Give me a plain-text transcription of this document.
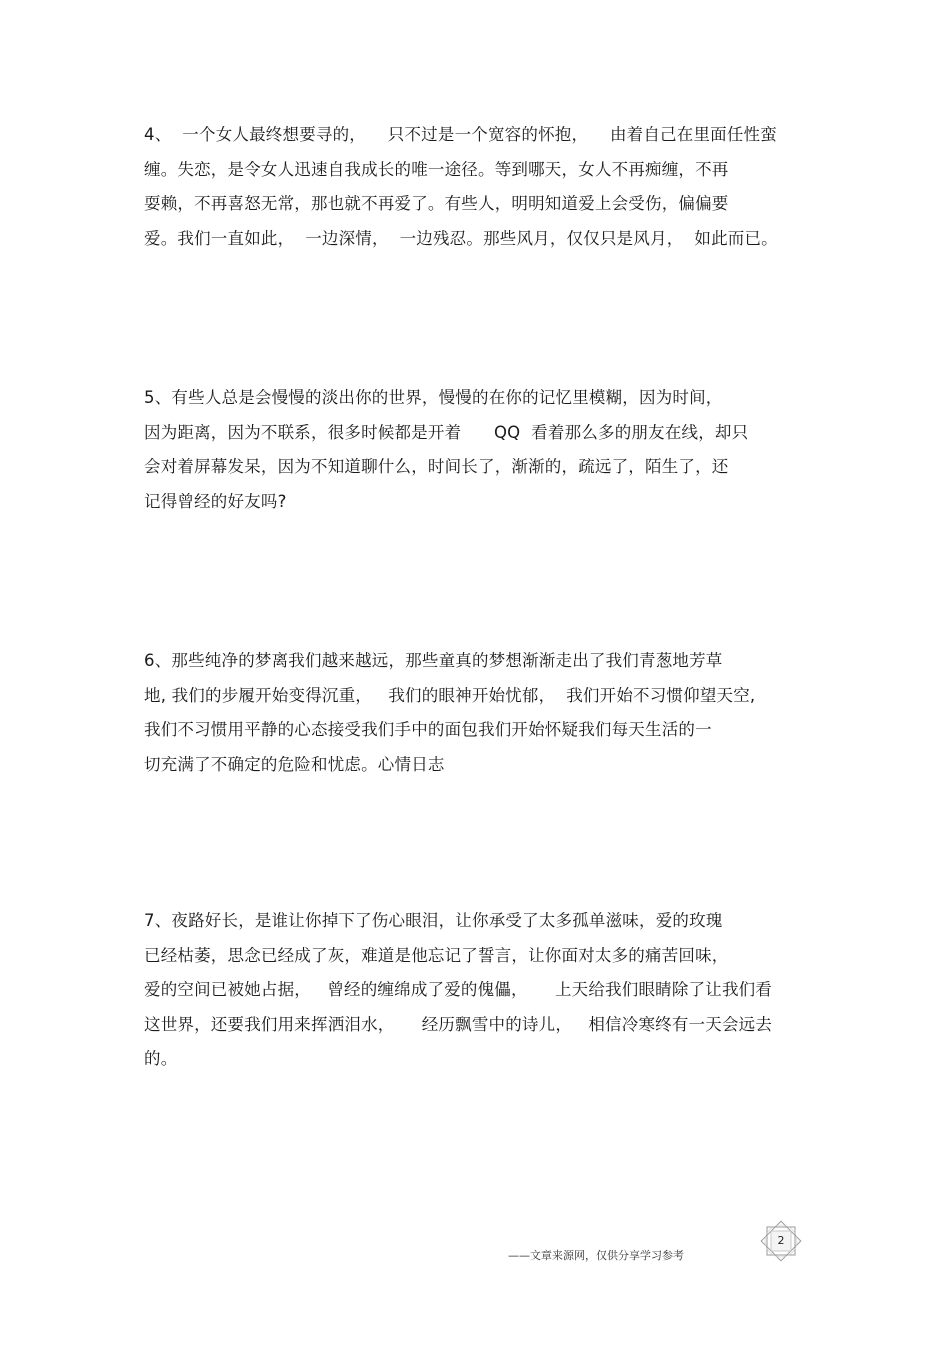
4、  一个女人最终想要寻的，    只不过是一个宽容的怀抱，    由着自己在里面任性蛮
缠。失恋，是令女人迅速自我成长的唯一途径。等到哪天，女人不再痴缠，不再
耍赖，不再喜怒无常，那也就不再爱了。有些人，明明知道爱上会受伤，偏偏要
爱。我们一直如此，  一边深情，  一边残忍。那些风月，仅仅只是风月，  如此而已。
5、有些人总是会慢慢的淡出你的世界，慢慢的在你的记忆里模糊，因为时间，
因为距离，因为不联系，很多时候都是开着      QQ  看着那么多的朋友在线，却只
会对着屏幕发呆，因为不知道聊什么，时间长了，渐渐的，疏远了，陌生了，还
记得曾经的好友吗?
6、那些纯净的梦离我们越来越远，那些童真的梦想渐渐走出了我们青葱地芳草
地, 我们的步履开始变得沉重，   我们的眼神开始忧郁，  我们开始不习惯仰望天空,
我们不习惯用平静的心态接受我们手中的面包我们开始怀疑我们每天生活的一
切充满了不确定的危险和忧虑。心情日志
7、夜路好长，是谁让你掉下了伤心眼泪，让你承受了太多孤单滋味，爱的玫瑰
已经枯萎，思念已经成了灰，难道是他忘记了誓言，让你面对太多的痛苦回味，
爱的空间已被她占据，   曾经的缠绵成了爱的傀儡，     上天给我们眼睛除了让我们看
这世界，还要我们用来挥洒泪水，     经历飘雪中的诗儿，   相信冷寒终有一天会远去
的。
——文章来源网，仅供分享学习参考
2
